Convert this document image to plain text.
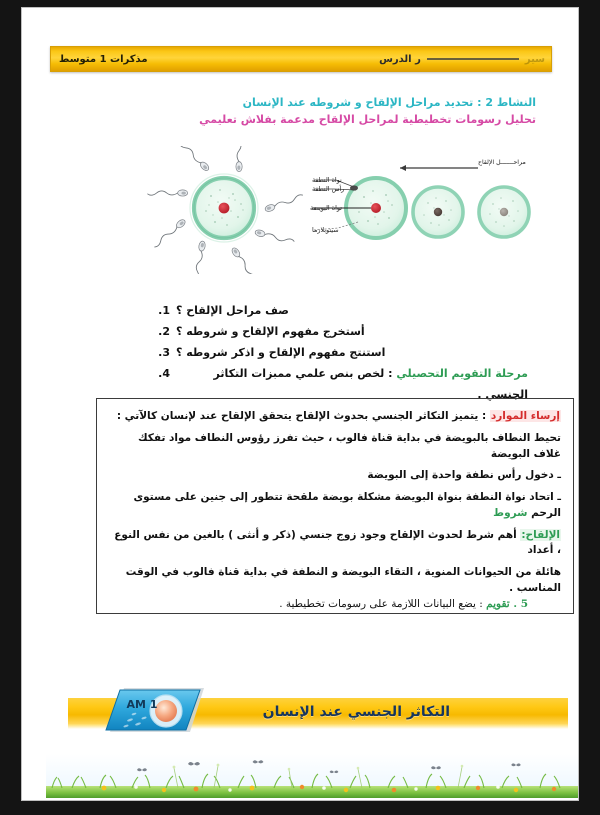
سير
ر الدرس
مذكرات 1 متوسط
النشاط 2 : تحديد مراحل الإلقاح و شروطه عند الإنسان
تحليل رسومات تخطيطية لمراحل الإلقاح مدعمة بفلاش تعليمي
نواة النطفة
رأس النطفة
نواة البويضة
سيتوبلازما
مراحـــــــل الإلقاح
1. صف مراحل الإلقاح ؟
2. أستخرج مفهوم الإلقاح و شروطه ؟
3. استنتج مفهوم الإلقاح و اذكر شروطه ؟
4.	مرحلة التقويم التحصيلي : لخص بنص علمي ممبزات التكاثر الجنسي .
إرساء الموارد : يتميز التكاثر الجنسي بحدوث الإلقاح يتحقق الإلقاح عند لإنسان كالآتي :
تحيط النطاف بالبويضة في بداية قناة فالوب ، حيث تفرز رؤوس النطاف مواد تفكك غلاف البويضة
ـ دخول رأس نطفة واحدة إلى البويضة
ـ اتحاد نواة النطفة بنواة البويضة مشكلة بويضة ملقحة تتطور إلى جنين على مستوى الرحم شروط
الإلقاح: أهم شرط لحدوث الإلقاح وجود زوج جنسي (ذكر و أنثى ) بالغين من نفس النوع ، أعداد
هائلة من الحيوانات المنوية ، التقاء البويضة و النطفة في بداية قناة فالوب في الوقت المناسب .
5 . تقويم : يضع البيانات اللازمة على رسومات تخطيطية .
1 AM	التكاثر الجنسي عند الإنسان
